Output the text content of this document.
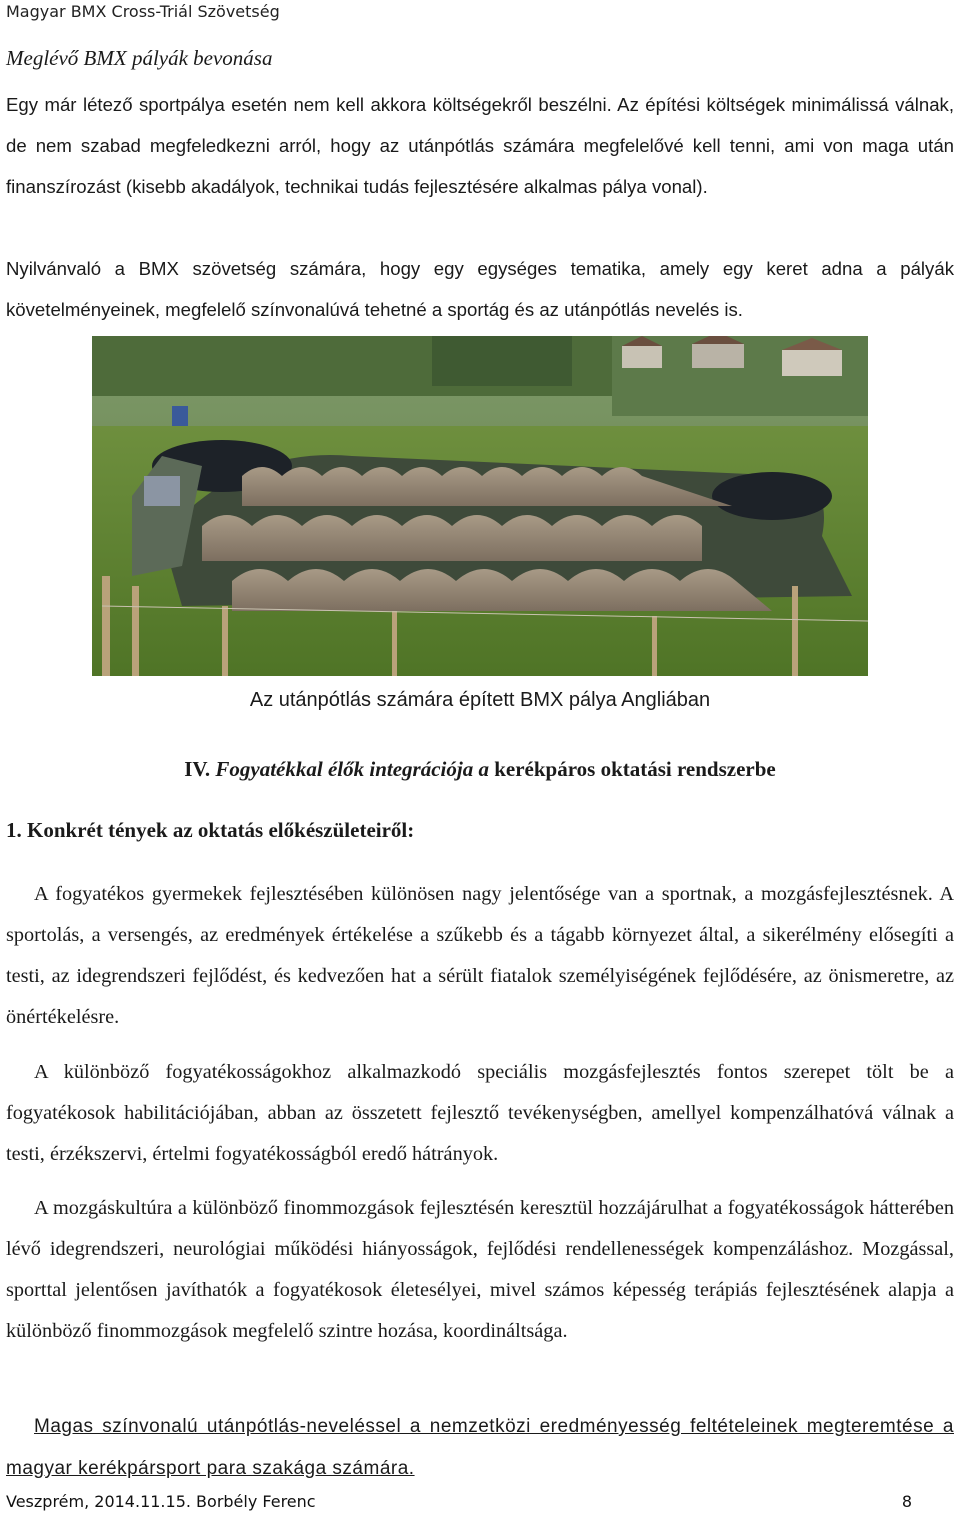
Magyar BMX Cross-Triál Szövetség
Meglévő BMX pályák bevonása

Egy már létező sportpálya esetén nem kell akkora költségekről beszélni. Az építési költségek minimálissá válnak, de nem szabad megfeledkezni arról, hogy az utánpótlás számára megfelelővé kell tenni, ami von maga után finanszírozást (kisebb akadályok, technikai tudás fejlesztésére alkalmas pálya vonal).

Nyilvánvaló a BMX szövetség számára, hogy egy egységes tematika, amely egy keret adna a pályák követelményeinek, megfelelő színvonalúvá tehetné a sportág és az utánpótlás nevelés is.

Az utánpótlás számára épített BMX pálya Angliában
IV. Fogyatékkal élők integrációja a kerékpáros oktatási rendszerbe
1. Konkrét tények az oktatás előkészületeiről:

A fogyatékos gyermekek fejlesztésében különösen nagy jelentősége van a sportnak, a mozgásfejlesztésnek. A sportolás, a versengés, az eredmények értékelése a szűkebb és a tágabb környezet által, a sikerélmény elősegíti a testi, az idegrendszeri fejlődést, és kedvezően hat a sérült fiatalok személyiségének fejlődésére, az önismeretre, az önértékelésre.

A különböző fogyatékosságokhoz alkalmazkodó speciális mozgásfejlesztés fontos szerepet tölt be a fogyatékosok habilitációjában, abban az összetett fejlesztő tevékenységben, amellyel kompenzálhatóvá válnak a testi, érzékszervi, értelmi fogyatékosságból eredő hátrányok.

A mozgáskultúra a különböző finommozgások fejlesztésén keresztül hozzájárulhat a fogyatékosságok hátterében lévő idegrendszeri, neurológiai működési hiányosságok, fejlődési rendellenességek kompenzáláshoz. Mozgással, sporttal jelentősen javíthatók a fogyatékosok életesélyei, mivel számos képesség terápiás fejlesztésének alapja a különböző finommozgások megfelelő szintre hozása, koordináltsága.

Magas színvonalú utánpótlás-neveléssel a nemzetközi eredményesség feltételeinek megteremtése a magyar kerékpársport para szakága számára.

Veszprém, 2014.11.15. Borbély Ferenc	8
